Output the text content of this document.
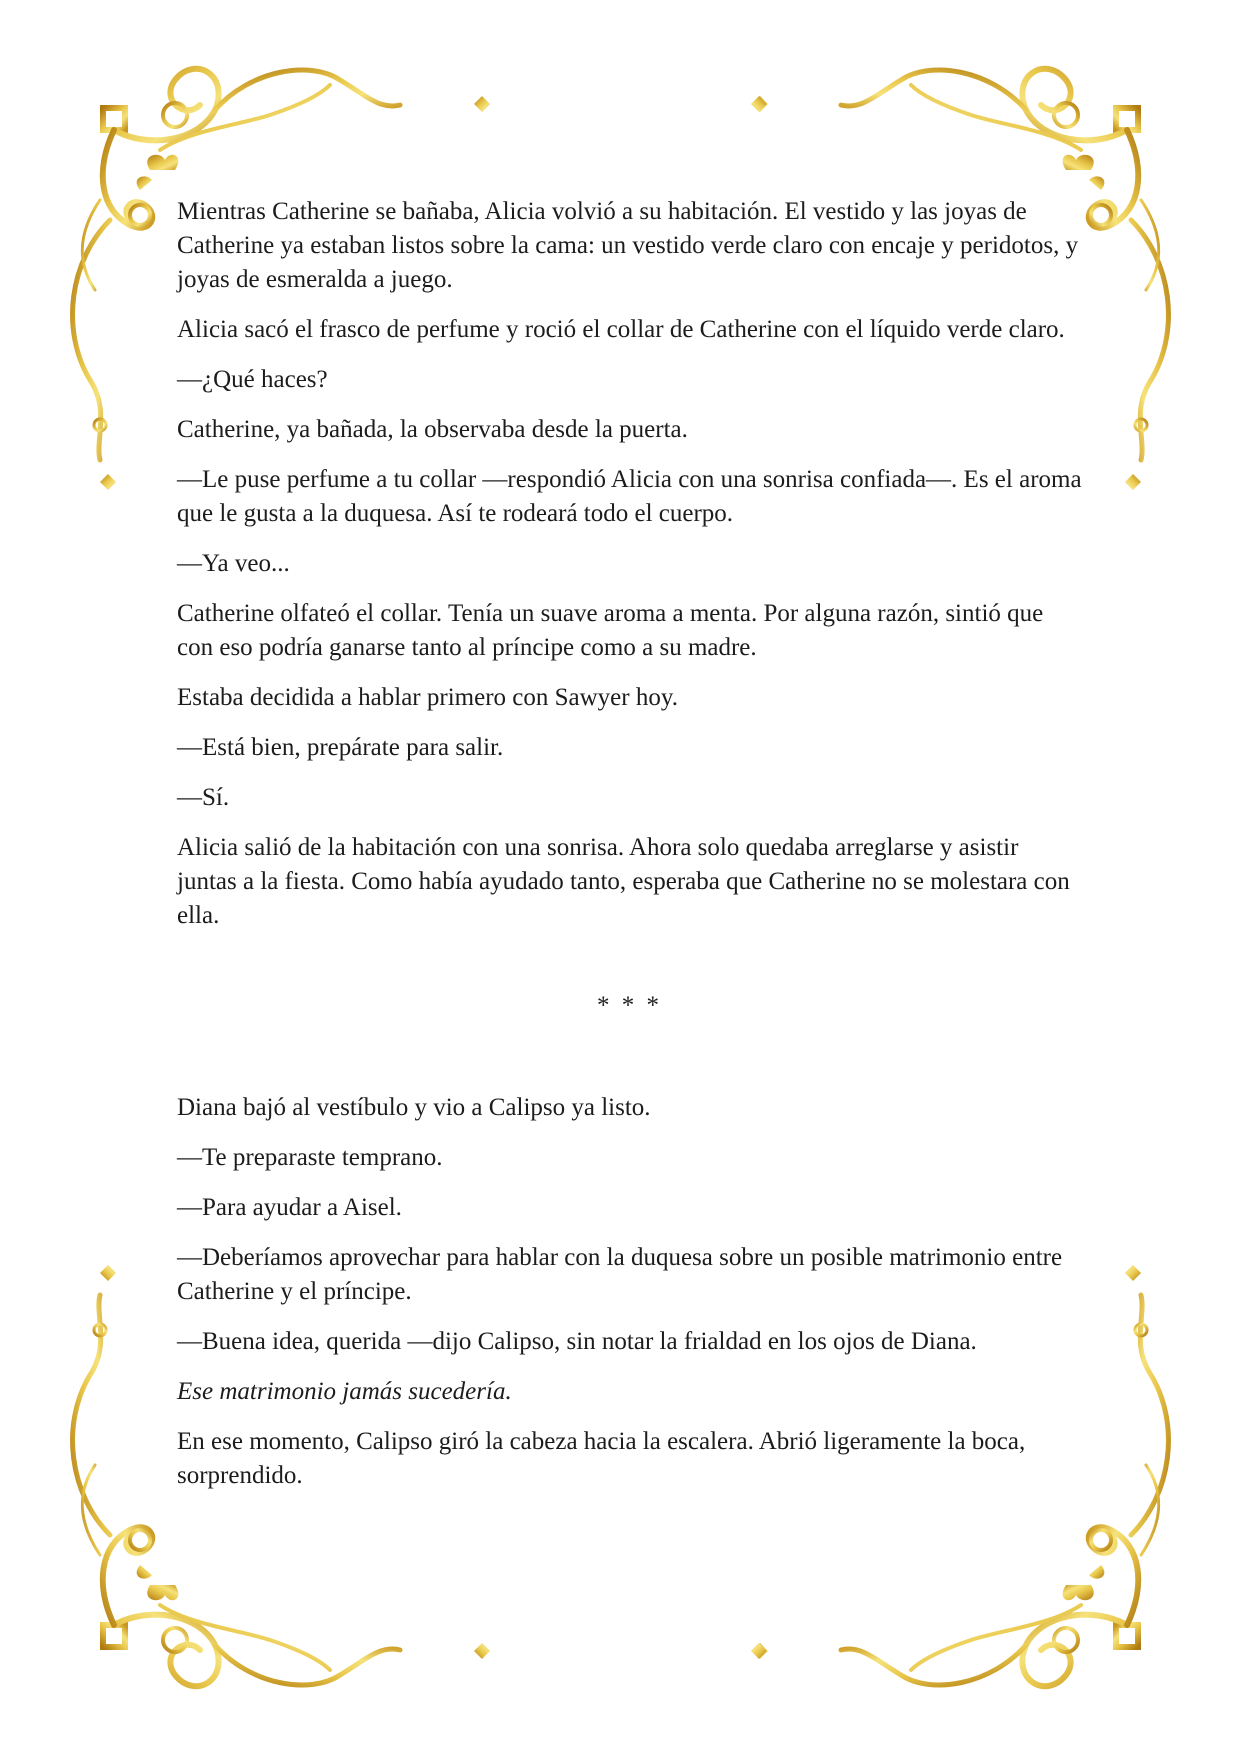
Mientras Catherine se bañaba, Alicia volvió a su habitación. El vestido y las joyas de Catherine ya estaban listos sobre la cama: un vestido verde claro con encaje y peridotos, y joyas de esmeralda a juego.

Alicia sacó el frasco de perfume y roció el collar de Catherine con el líquido verde claro.

—¿Qué haces?

Catherine, ya bañada, la observaba desde la puerta.

—Le puse perfume a tu collar —respondió Alicia con una sonrisa confiada—. Es el aroma que le gusta a la duquesa. Así te rodeará todo el cuerpo.

—Ya veo...

Catherine olfateó el collar. Tenía un suave aroma a menta. Por alguna razón, sintió que con eso podría ganarse tanto al príncipe como a su madre.

Estaba decidida a hablar primero con Sawyer hoy.

—Está bien, prepárate para salir.

—Sí.

Alicia salió de la habitación con una sonrisa. Ahora solo quedaba arreglarse y asistir juntas a la fiesta. Como había ayudado tanto, esperaba que Catherine no se molestara con ella.

* * *

Diana bajó al vestíbulo y vio a Calipso ya listo.

—Te preparaste temprano.

—Para ayudar a Aisel.

—Deberíamos aprovechar para hablar con la duquesa sobre un posible matrimonio entre Catherine y el príncipe.

—Buena idea, querida —dijo Calipso, sin notar la frialdad en los ojos de Diana.

Ese matrimonio jamás sucedería.

En ese momento, Calipso giró la cabeza hacia la escalera. Abrió ligeramente la boca, sorprendido.
